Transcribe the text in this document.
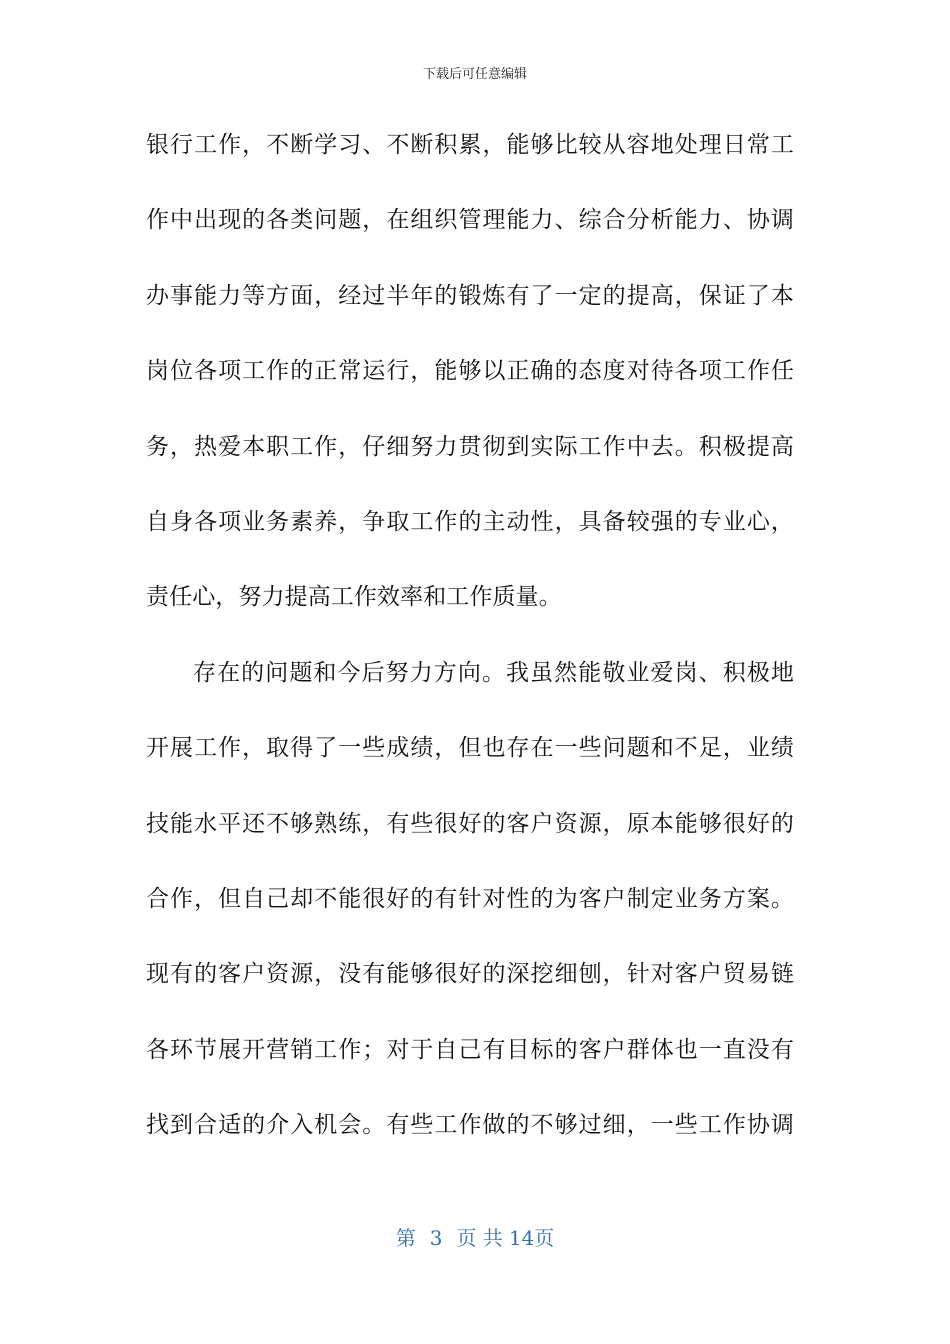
下载后可任意编辑
银行工作，不断学习、不断积累，能够比较从容地处理日常工
作中出现的各类问题，在组织管理能力、综合分析能力、协调
办事能力等方面，经过半年的锻炼有了一定的提高，保证了本
岗位各项工作的正常运行，能够以正确的态度对待各项工作任
务，热爱本职工作，仔细努力贯彻到实际工作中去。积极提高
自身各项业务素养，争取工作的主动性，具备较强的专业心，
责任心，努力提高工作效率和工作质量。
存在的问题和今后努力方向。我虽然能敬业爱岗、积极地
开展工作，取得了一些成绩，但也存在一些问题和不足，业绩
技能水平还不够熟练，有些很好的客户资源，原本能够很好的
合作，但自己却不能很好的有针对性的为客户制定业务方案。
现有的客户资源，没有能够很好的深挖细刨，针对客户贸易链
各环节展开营销工作；对于自己有目标的客户群体也一直没有
找到合适的介入机会。有些工作做的不够过细，一些工作协调
第 3 页 共 14页
